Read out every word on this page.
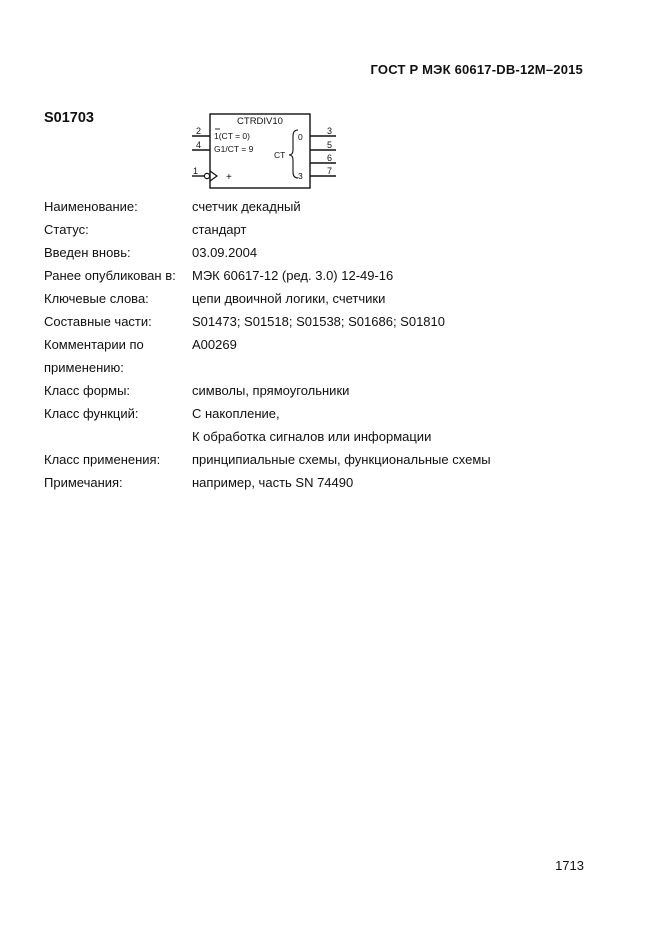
ГОСТ Р МЭК 60617-DB-12M–2015
S01703	CTRDIV10
2
4
1
+
1(CT = 0)
G1/CT = 9
CT
0
3
3
5
6
7
Наименование:	счетчик декадный
Статус:	стандарт
Введен вновь:	03.09.2004
Ранее опубликован в:	МЭК 60617-12 (ред. 3.0) 12-49-16
Ключевые слова:	цепи двоичной логики, счетчики
Составные части:	S01473; S01518; S01538; S01686; S01810
Комментарии по	A00269
применению:
Класс формы:	символы, прямоугольники
Класс функций:	С накопление,
К обработка сигналов или информации
Класс применения:	принципиальные схемы, функциональные схемы
Примечания:	например, часть SN 74490
1713
